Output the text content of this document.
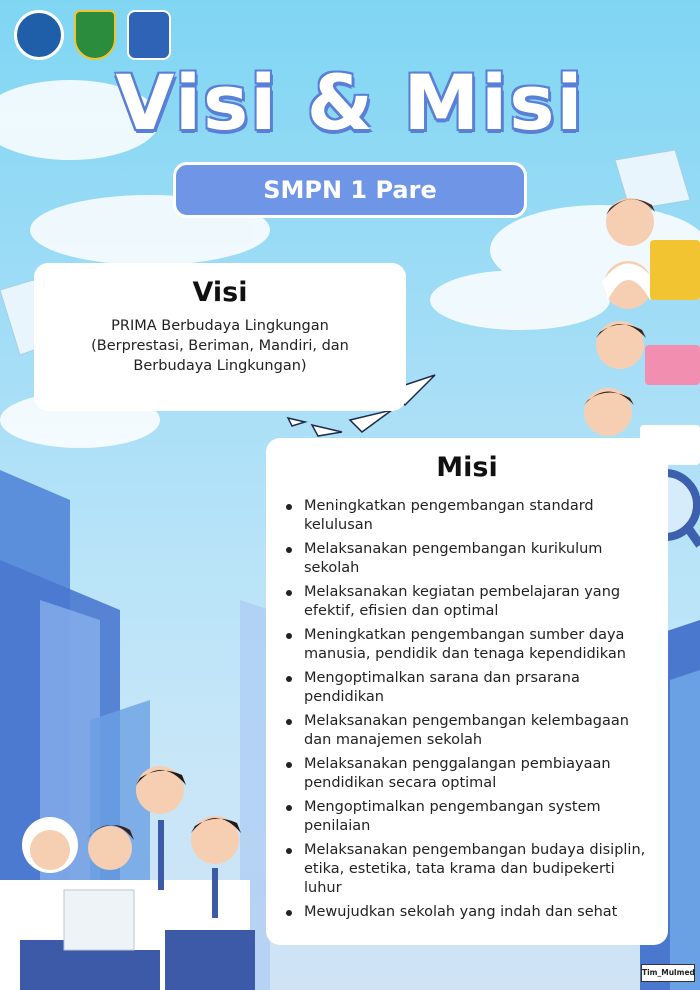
Visi & Misi
SMPN 1 Pare
Visi
PRIMA Berbudaya Lingkungan (Berprestasi, Beriman, Mandiri, dan Berbudaya Lingkungan)
Misi
Meningkatkan pengembangan standard kelulusan
Melaksanakan pengembangan kurikulum sekolah
Melaksanakan kegiatan pembelajaran yang efektif, efisien dan optimal
Meningkatkan pengembangan sumber daya manusia, pendidik dan tenaga kependidikan
Mengoptimalkan sarana dan prsarana pendidikan
Melaksanakan pengembangan kelembagaan dan manajemen sekolah
Melaksanakan penggalangan pembiayaan pendidikan secara optimal
Mengoptimalkan pengembangan system penilaian
Melaksanakan pengembangan budaya disiplin, etika, estetika, tata krama dan budipekerti luhur
Mewujudkan sekolah yang indah dan sehat
Tim_Mulmed
